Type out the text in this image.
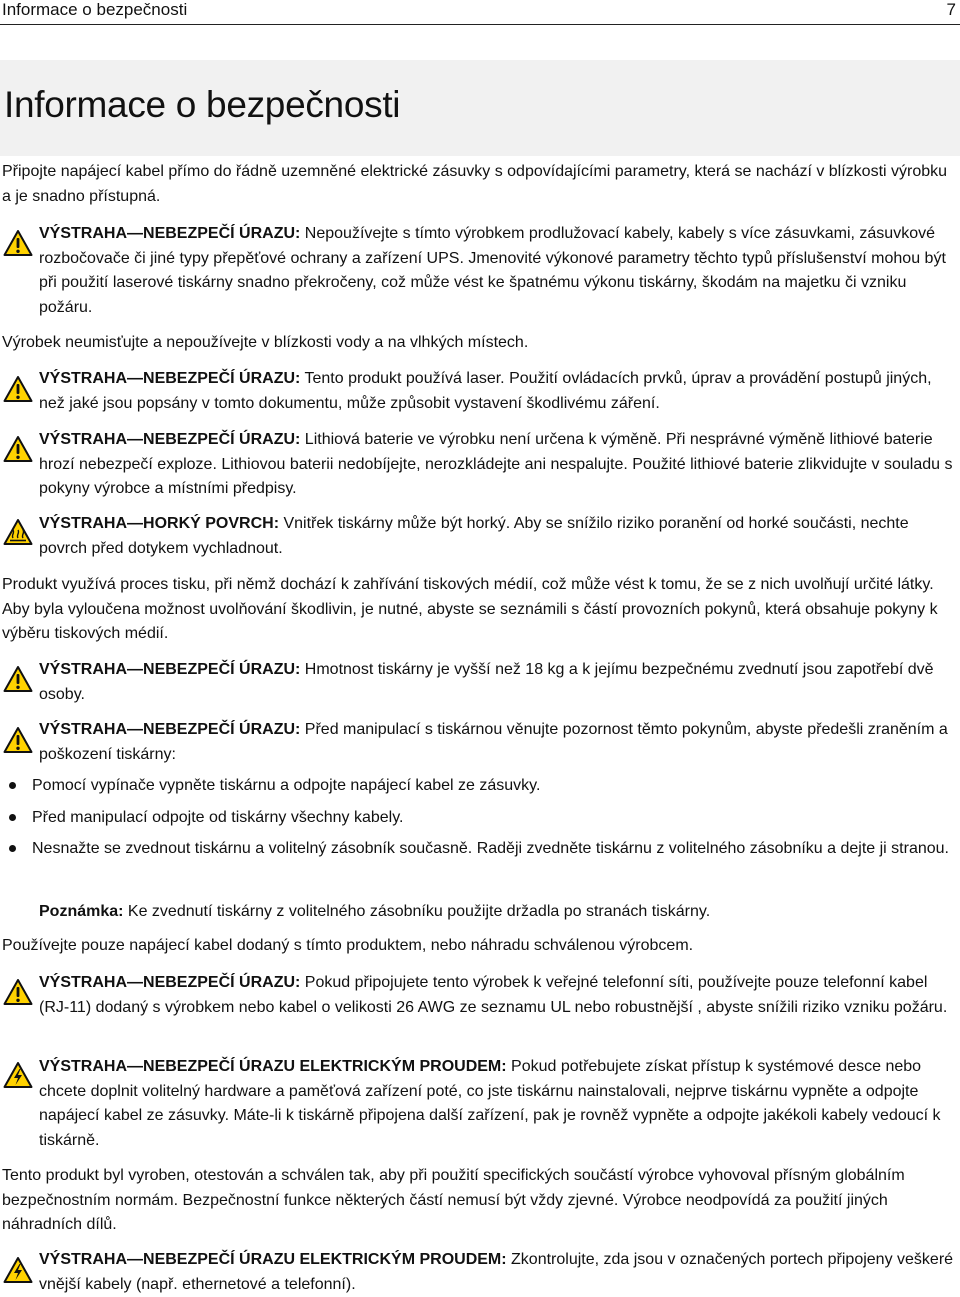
Informace o bezpečnosti	7
Informace o bezpečnosti

Připojte napájecí kabel přímo do řádně uzemněné elektrické zásuvky s odpovídajícími parametry, která se nachází v blízkosti výrobku a je snadno přístupná.

VÝSTRAHA—NEBEZPEČÍ ÚRAZU: Nepoužívejte s tímto výrobkem prodlužovací kabely, kabely s více zásuvkami, zásuvkové rozbočovače či jiné typy přepěťové ochrany a zařízení UPS. Jmenovité výkonové parametry těchto typů příslušenství mohou být při použití laserové tiskárny snadno překročeny, což může vést ke špatnému výkonu tiskárny, škodám na majetku či vzniku požáru.

Výrobek neumisťujte a nepoužívejte v blízkosti vody a na vlhkých místech.

VÝSTRAHA—NEBEZPEČÍ ÚRAZU: Tento produkt používá laser. Použití ovládacích prvků, úprav a provádění postupů jiných, než jaké jsou popsány v tomto dokumentu, může způsobit vystavení škodlivému záření.

VÝSTRAHA—NEBEZPEČÍ ÚRAZU: Lithiová baterie ve výrobku není určena k výměně. Při nesprávné výměně lithiové baterie hrozí nebezpečí exploze. Lithiovou baterii nedobíjejte, nerozkládejte ani nespalujte. Použité lithiové baterie zlikvidujte v souladu s pokyny výrobce a místními předpisy.

VÝSTRAHA—HORKÝ POVRCH: Vnitřek tiskárny může být horký. Aby se snížilo riziko poranění od horké součásti, nechte povrch před dotykem vychladnout.

Produkt využívá proces tisku, při němž dochází k zahřívání tiskových médií, což může vést k tomu, že se z nich uvolňují určité látky. Aby byla vyloučena možnost uvolňování škodlivin, je nutné, abyste se seznámili s částí provozních pokynů, která obsahuje pokyny k výběru tiskových médií.

VÝSTRAHA—NEBEZPEČÍ ÚRAZU: Hmotnost tiskárny je vyšší než 18 kg a k jejímu bezpečnému zvednutí jsou zapotřebí dvě osoby.

VÝSTRAHA—NEBEZPEČÍ ÚRAZU: Před manipulací s tiskárnou věnujte pozornost těmto pokynům, abyste předešli zraněním a poškození tiskárny:

Pomocí vypínače vypněte tiskárnu a odpojte napájecí kabel ze zásuvky.

Před manipulací odpojte od tiskárny všechny kabely.

Nesnažte se zvednout tiskárnu a volitelný zásobník současně. Raději zvedněte tiskárnu z volitelného zásobníku a dejte ji stranou.

Poznámka: Ke zvednutí tiskárny z volitelného zásobníku použijte držadla po stranách tiskárny.

Používejte pouze napájecí kabel dodaný s tímto produktem, nebo náhradu schválenou výrobcem.

VÝSTRAHA—NEBEZPEČÍ ÚRAZU: Pokud připojujete tento výrobek k veřejné telefonní síti, používejte pouze telefonní kabel (RJ‑11) dodaný s výrobkem nebo kabel o velikosti 26 AWG ze seznamu UL nebo robustnější , abyste snížili riziko vzniku požáru.

VÝSTRAHA—NEBEZPEČÍ ÚRAZU ELEKTRICKÝM PROUDEM: Pokud potřebujete získat přístup k systémové desce nebo chcete doplnit volitelný hardware a paměťová zařízení poté, co jste tiskárnu nainstalovali, nejprve tiskárnu vypněte a odpojte napájecí kabel ze zásuvky. Máte-li k tiskárně připojena další zařízení, pak je rovněž vypněte a odpojte jakékoli kabely vedoucí k tiskárně.

Tento produkt byl vyroben, otestován a schválen tak, aby při použití specifických součástí výrobce vyhovoval přísným globálním bezpečnostním normám. Bezpečnostní funkce některých částí nemusí být vždy zjevné. Výrobce neodpovídá za použití jiných náhradních dílů.

VÝSTRAHA—NEBEZPEČÍ ÚRAZU ELEKTRICKÝM PROUDEM: Zkontrolujte, zda jsou v označených portech připojeny veškeré vnější kabely (např. ethernetové a telefonní).
